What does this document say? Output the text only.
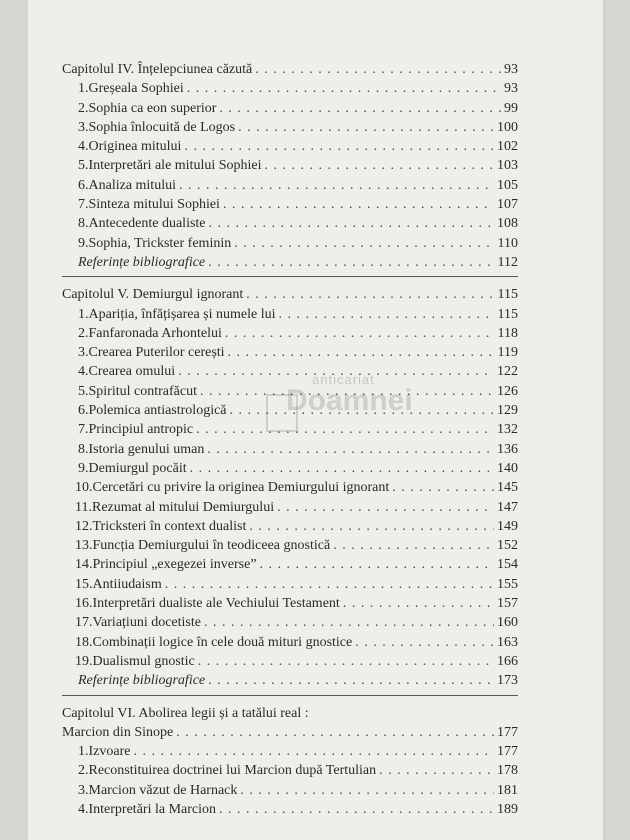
anticariat
Doamnei
Capitolul IV. Înțelepciunea căzută . . .	93
1. Greșeala Sophiei . . .	93
2. Sophia ca eon superior . . .	99
3. Sophia înlocuită de Logos . . .	100
4. Originea mitului . . .	102
5. Interpretări ale mitului Sophiei . . .	103
6. Analiza mitului . . .	105
7. Sinteza mitului Sophiei . . .	107
8. Antecedente dualiste . . .	108
9. Sophia, Trickster feminin . . .	110
Referințe bibliografice . . .	112
Capitolul V. Demiurgul ignorant . . .	115
1. Apariția, înfățișarea și numele lui . . .	115
2. Fanfaronada Arhontelui . . .	118
3. Crearea Puterilor cerești . . .	119
4. Crearea omului . . .	122
5. Spiritul contrafăcut . . .	126
6. Polemica antiastrologică . . .	129
7. Principiul antropic . . .	132
8. Istoria genului uman . . .	136
9. Demiurgul pocăit . . .	140
10. Cercetări cu privire la originea Demiurgului ignorant . . .	145
11. Rezumat al mitului Demiurgului . . .	147
12. Tricksteri în context dualist . . .	149
13. Funcția Demiurgului în teodiceea gnostică . . .	152
14. Principiul „exegezei inverse” . . .	154
15. Antiiudaism . . .	155
16. Interpretări dualiste ale Vechiului Testament . . .	157
17. Variațiuni docetiste . . .	160
18. Combinații logice în cele două mituri gnostice . . .	163
19. Dualismul gnostic . . .	166
Referințe bibliografice . . .	173
Capitolul VI. Abolirea legii și a tatălui real :
Marcion din Sinope . . .	177
1. Izvoare . . .	177
2. Reconstituirea doctrinei lui Marcion după Tertulian . . .	178
3. Marcion văzut de Harnack . . .	181
4. Interpretări la Marcion . . .	189
